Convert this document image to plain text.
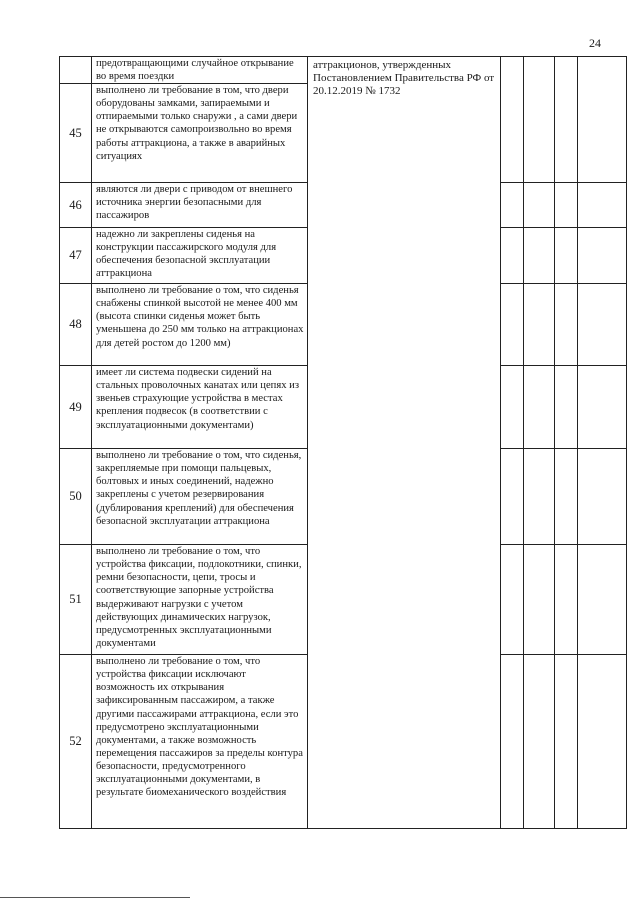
24
	предотвращающими случайное открывание во время поездки	аттракционов, утвержденных Постановлением Правительства РФ от 20.12.2019 № 1732				
45	выполнено ли требование в том, что двери оборудованы замками, запираемыми и отпираемыми только снаружи , а сами двери не открываются самопроизвольно во время работы аттракциона, а также в аварийных ситуациях					
46	являются ли двери с приводом от внешнего источника энергии безопасными для пассажиров					
47	надежно ли закреплены сиденья на конструкции пассажирского модуля для обеспечения безопасной эксплуатации аттракциона					
48	выполнено ли требование о том, что сиденья снабжены спинкой высотой не менее 400 мм (высота спинки сиденья может быть уменьшена до 250 мм только на аттракционах для детей ростом до 1200 мм)					
49	имеет ли система подвески сидений на стальных проволочных канатах или цепях из звеньев страхующие устройства в местах крепления подвесок (в соответствии с эксплуатационными документами)					
50	выполнено ли требование о том, что сиденья, закрепляемые при помощи пальцевых, болтовых и иных соединений, надежно закреплены с учетом резервирования (дублирования креплений) для обеспечения безопасной эксплуатации аттракциона					
51	выполнено ли требование о том, что устройства фиксации, подлокотники, спинки, ремни безопасности, цепи, тросы и соответствующие запорные устройства выдерживают нагрузки с учетом действующих динамических нагрузок, предусмотренных эксплуатационными документами					
52	выполнено ли требование о том, что устройства фиксации исключают возможность их открывания зафиксированным пассажиром, а также другими пассажирами аттракциона, если это предусмотрено эксплуатационными документами, а также возможность перемещения пассажиров за пределы контура безопасности, предусмотренного эксплуатационными документами, в результате биомеханического воздействия					
